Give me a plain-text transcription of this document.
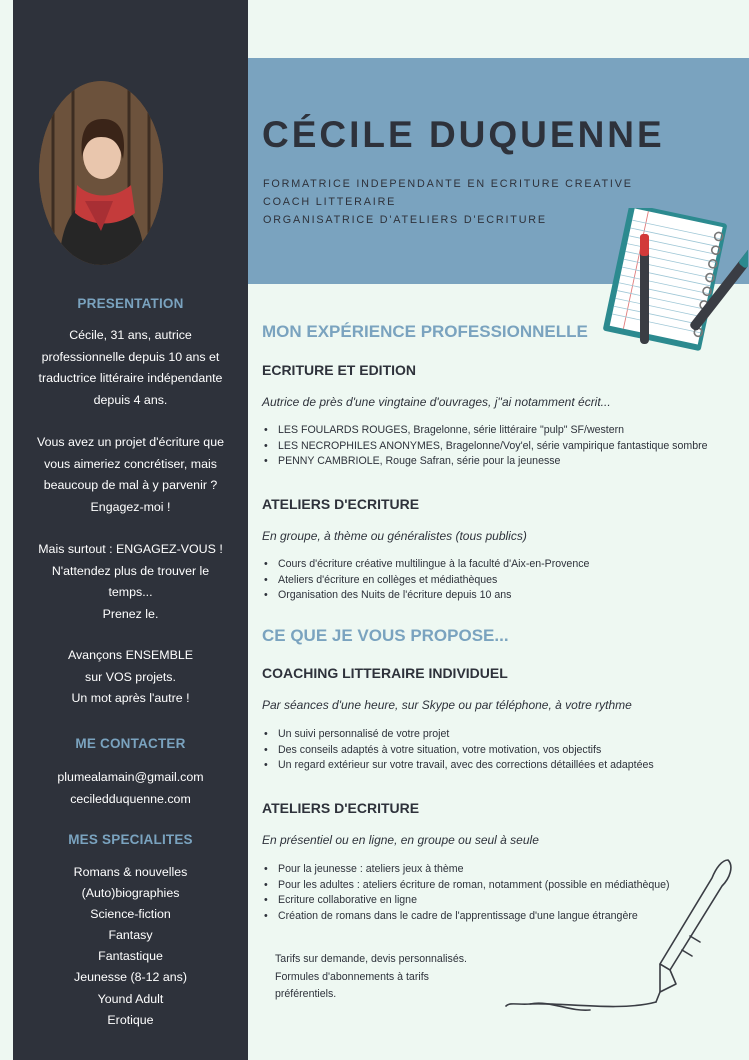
CÉCILE DUQUENNE
FORMATRICE INDEPENDANTE EN ECRITURE CREATIVE
COACH LITTERAIRE
ORGANISATRICE D'ATELIERS D'ECRITURE
PRESENTATION
Cécile, 31 ans, autrice
professionnelle depuis 10 ans et
traductrice littéraire indépendante
depuis 4 ans.
Vous avez un projet d'écriture que
vous aimeriez concrétiser, mais
beaucoup de mal à y parvenir ?
Engagez-moi !
Mais surtout : ENGAGEZ-VOUS !
N'attendez plus de trouver le
temps...
Prenez le.
Avançons ENSEMBLE
sur VOS projets.
Un mot après l'autre !
ME CONTACTER
plumealamain@gmail.com
ceciledduquenne.com
MES SPECIALITES
Romans & nouvelles
(Auto)biographies
Science-fiction
Fantasy
Fantastique
Jeunesse (8-12 ans)
Yound Adult
Erotique
MON EXPÉRIENCE PROFESSIONNELLE
ECRITURE ET EDITION
Autrice de près d'une vingtaine d'ouvrages, j''ai notamment écrit...
• LES FOULARDS ROUGES, Bragelonne, série littéraire "pulp" SF/western
• LES NECROPHILES ANONYMES, Bragelonne/Voy'el, série vampirique fantastique sombre
• PENNY CAMBRIOLE, Rouge Safran, série pour la jeunesse
ATELIERS D'ECRITURE
En groupe, à thème ou généralistes (tous publics)
• Cours d'écriture créative multilingue à la faculté d'Aix-en-Provence
• Ateliers d'écriture en collèges et médiathèques
• Organisation des Nuits de l'écriture depuis 10 ans
CE QUE JE VOUS PROPOSE...
COACHING LITTERAIRE INDIVIDUEL
Par séances d'une heure, sur Skype ou par téléphone, à votre rythme
• Un suivi personnalisé de votre projet
• Des conseils adaptés à votre situation, votre motivation, vos objectifs
• Un regard extérieur sur votre travail, avec des corrections détaillées et adaptées
ATELIERS D'ECRITURE
En présentiel ou en ligne, en groupe ou seul à seule
• Pour la jeunesse : ateliers jeux à thème
• Pour les adultes : ateliers écriture de roman, notamment (possible en médiathèque)
• Ecriture collaborative en ligne
• Création de romans dans le cadre de l'apprentissage d'une langue étrangère
Tarifs sur demande, devis personnalisés.
Formules d'abonnements à tarifs
préférentiels.
